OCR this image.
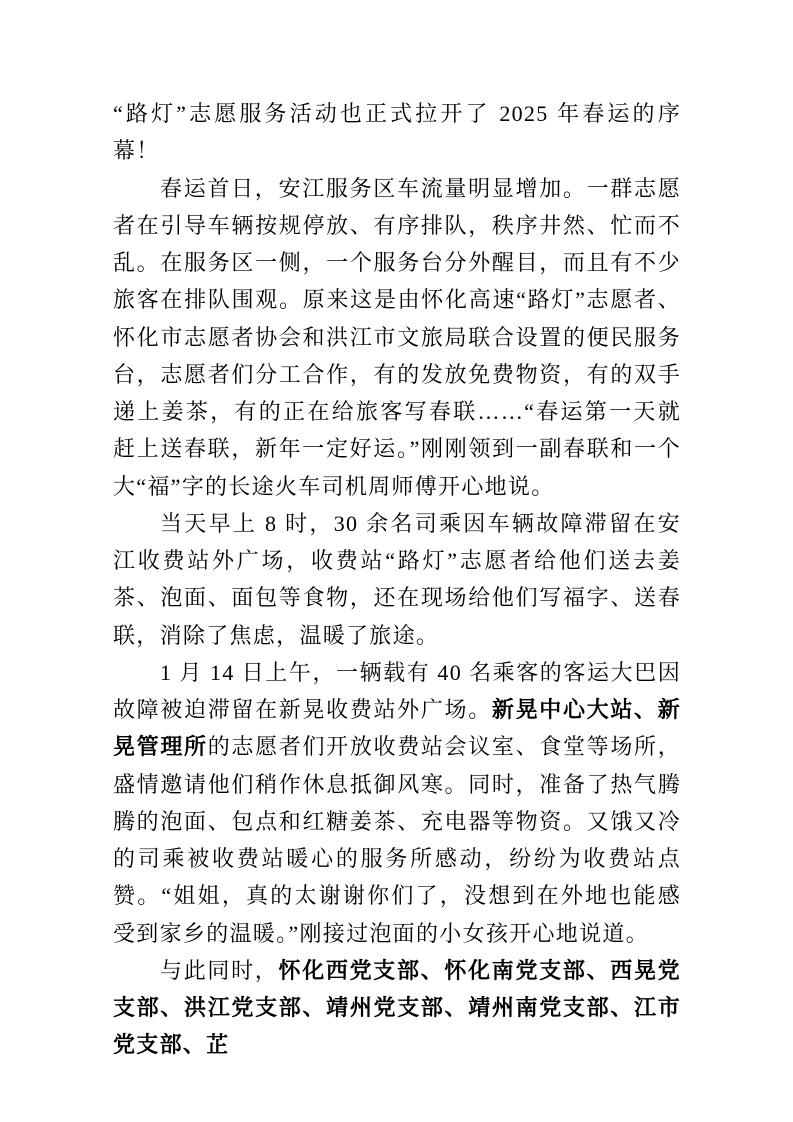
“路灯”志愿服务活动也正式拉开了 2025 年春运的序幕！

春运首日，安江服务区车流量明显增加。一群志愿者在引导车辆按规停放、有序排队，秩序井然、忙而不乱。在服务区一侧，一个服务台分外醒目，而且有不少旅客在排队围观。原来这是由怀化高速“路灯”志愿者、怀化市志愿者协会和洪江市文旅局联合设置的便民服务台，志愿者们分工合作，有的发放免费物资，有的双手递上姜茶，有的正在给旅客写春联……“春运第一天就赶上送春联，新年一定好运。”刚刚领到一副春联和一个大“福”字的长途火车司机周师傅开心地说。

当天早上 8 时，30 余名司乘因车辆故障滞留在安江收费站外广场，收费站“路灯”志愿者给他们送去姜茶、泡面、面包等食物，还在现场给他们写福字、送春联，消除了焦虑，温暖了旅途。

1 月 14 日上午，一辆载有 40 名乘客的客运大巴因故障被迫滞留在新晃收费站外广场。新晃中心大站、新晃管理所的志愿者们开放收费站会议室、食堂等场所，盛情邀请他们稍作休息抵御风寒。同时，准备了热气腾腾的泡面、包点和红糖姜茶、充电器等物资。又饿又冷的司乘被收费站暖心的服务所感动，纷纷为收费站点赞。“姐姐，真的太谢谢你们了，没想到在外地也能感受到家乡的温暖。”刚接过泡面的小女孩开心地说道。

与此同时，怀化西党支部、怀化南党支部、西晃党支部、洪江党支部、靖州党支部、靖州南党支部、江市党支部、芷
